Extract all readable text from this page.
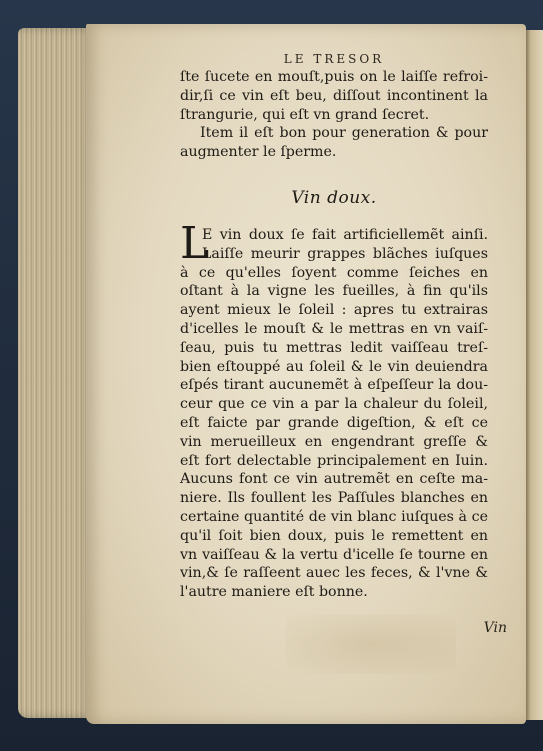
LE TRESOR
ſte ſucete en mouſt,puis on le laiſſe refroi-
dir,ſi ce vin eſt beu, diſſout incontinent la
ſtrangurie, qui eſt vn grand ſecret.
Item il eſt bon pour generation & pour
augmenter le ſperme.
Vin doux.
L
E vin doux ſe fait artificiellemẽt ainſi.
Laiſſe meurir grappes blãches iuſques
à ce qu'elles ſoyent comme ſeiches en
oſtant à la vigne les fueilles, à fin qu'ils
ayent mieux le ſoleil : apres tu extrairas
d'icelles le mouſt & le mettras en vn vaiſ-
ſeau, puis tu mettras ledit vaiſſeau treſ-
bien eſtouppé au ſoleil & le vin deuiendra
eſpés tirant aucunemẽt à eſpeſſeur la dou-
ceur que ce vin a par la chaleur du ſoleil,
eſt faicte par grande digeſtion, & eſt ce
vin merueilleux en engendrant greſſe &
eſt fort delectable principalement en Iuin.
Aucuns font ce vin autremẽt en ceſte ma-
niere. Ils foullent les Paſſules blanches en
certaine quantité de vin blanc iuſques à ce
qu'il ſoit bien doux, puis le remettent en
vn vaiſſeau & la vertu d'icelle ſe tourne en
vin,& ſe raſſeent auec les feces, & l'vne &
l'autre maniere eſt bonne.
Vin
